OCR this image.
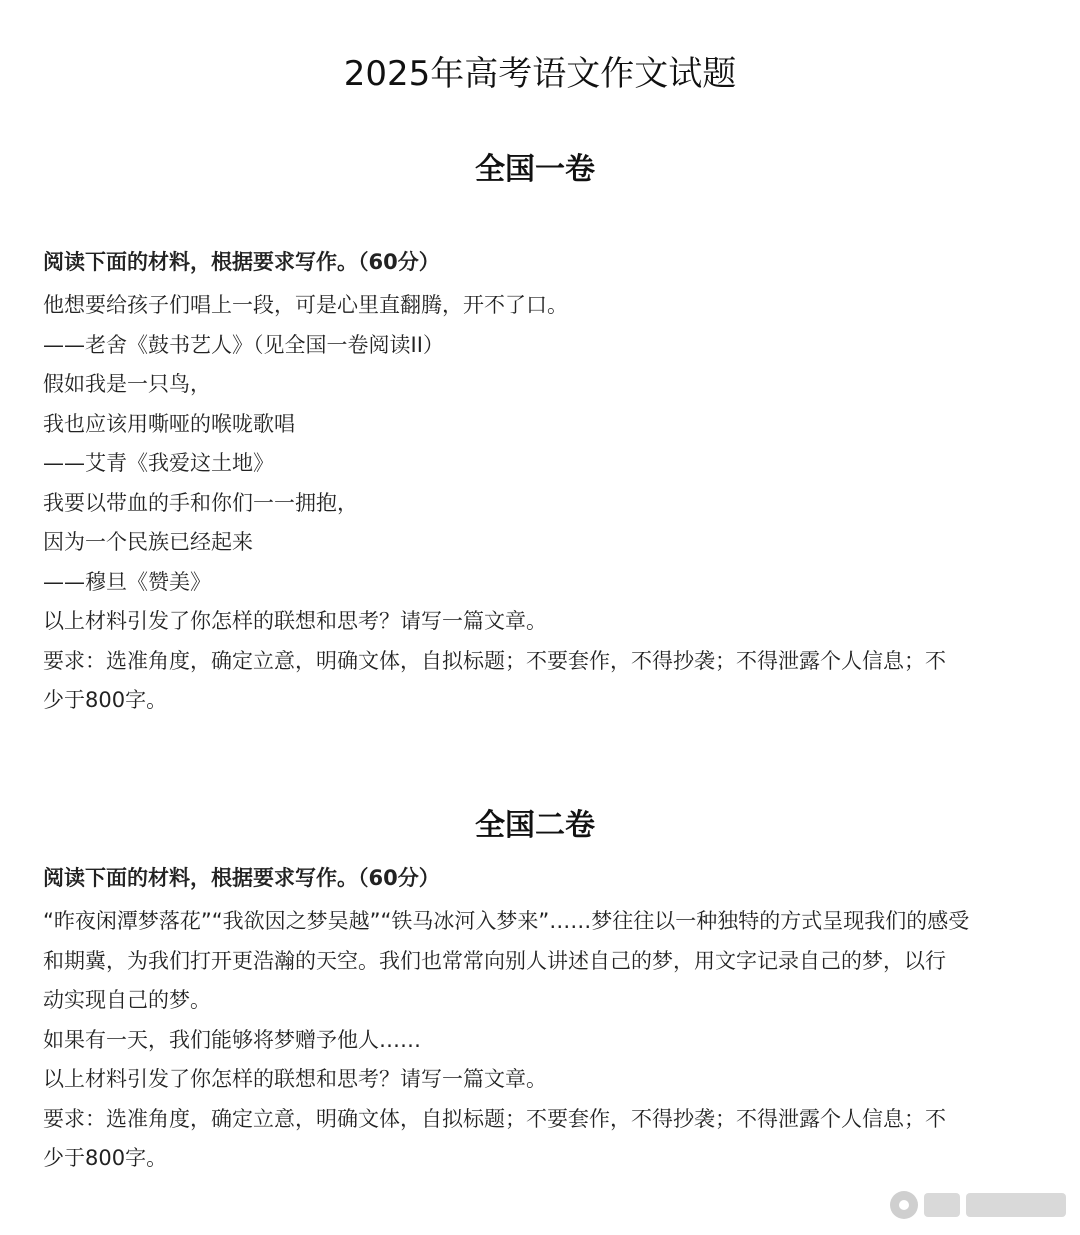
2025年高考语文作文试题
全国一卷

阅读下面的材料，根据要求写作。（60分）

他想要给孩子们唱上一段，可是心里直翻腾，开不了口。
——老舍《鼓书艺人》（见全国一卷阅读II）
假如我是一只鸟，
我也应该用嘶哑的喉咙歌唱
——艾青《我爱这土地》
我要以带血的手和你们一一拥抱，
因为一个民族已经起来
——穆旦《赞美》
以上材料引发了你怎样的联想和思考？请写一篇文章。
要求：选准角度，确定立意，明确文体，自拟标题；不要套作，不得抄袭；不得泄露个人信息；不
少于800字。
全国二卷

阅读下面的材料，根据要求写作。（60分）

“昨夜闲潭梦落花”“我欲因之梦吴越”“铁马冰河入梦来”……梦往往以一种独特的方式呈现我们的感受
和期冀，为我们打开更浩瀚的天空。我们也常常向别人讲述自己的梦，用文字记录自己的梦，以行
动实现自己的梦。
如果有一天，我们能够将梦赠予他人……
以上材料引发了你怎样的联想和思考？请写一篇文章。
要求：选准角度，确定立意，明确文体，自拟标题；不要套作，不得抄袭；不得泄露个人信息；不
少于800字。
